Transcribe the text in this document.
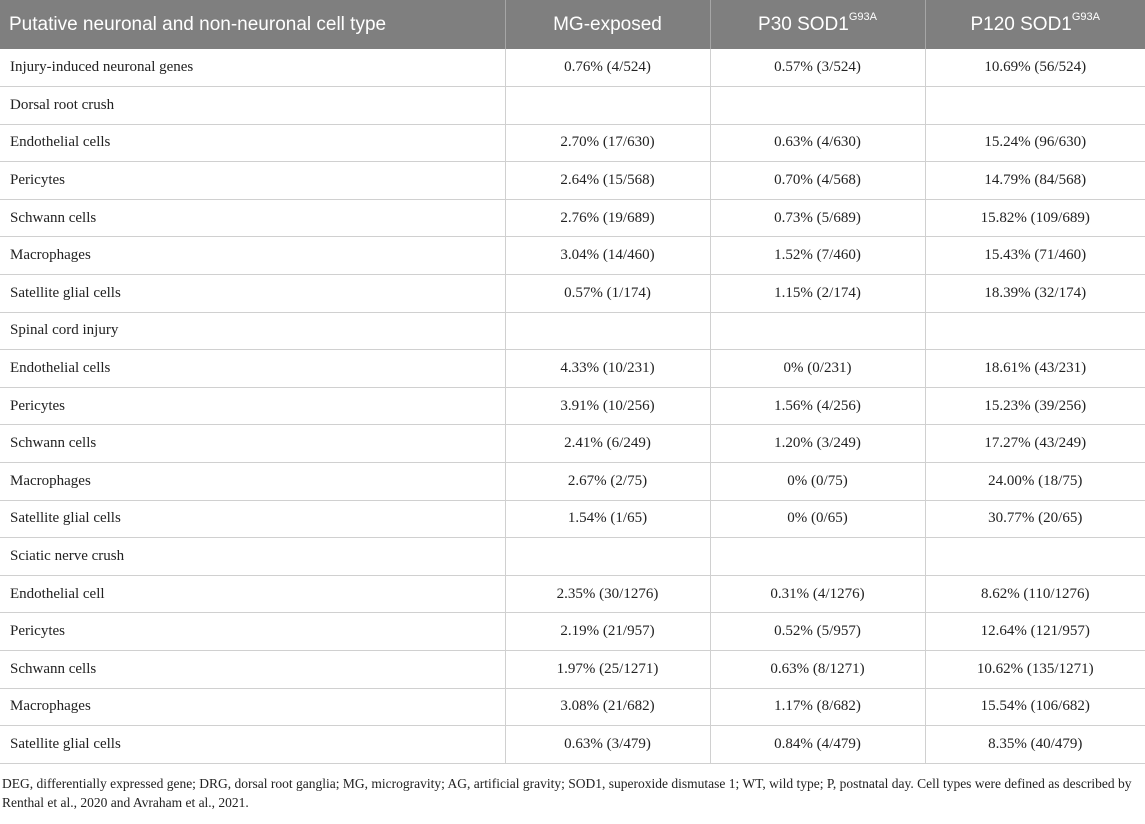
Putative neuronal and non-neuronal cell type	MG-exposed	P30 $SOD1^{G93A}$	P120 $SOD1^{G93A}$
Injury-induced neuronal genes	0.76% (4/524)	0.57% (3/524)	10.69% (56/524)
Dorsal root crush			
Endothelial cells	2.70% (17/630)	0.63% (4/630)	15.24% (96/630)
Pericytes	2.64% (15/568)	0.70% (4/568)	14.79% (84/568)
Schwann cells	2.76% (19/689)	0.73% (5/689)	15.82% (109/689)
Macrophages	3.04% (14/460)	1.52% (7/460)	15.43% (71/460)
Satellite glial cells	0.57% (1/174)	1.15% (2/174)	18.39% (32/174)
Spinal cord injury			
Endothelial cells	4.33% (10/231)	0% (0/231)	18.61% (43/231)
Pericytes	3.91% (10/256)	1.56% (4/256)	15.23% (39/256)
Schwann cells	2.41% (6/249)	1.20% (3/249)	17.27% (43/249)
Macrophages	2.67% (2/75)	0% (0/75)	24.00% (18/75)
Satellite glial cells	1.54% (1/65)	0% (0/65)	30.77% (20/65)
Sciatic nerve crush			
Endothelial cell	2.35% (30/1276)	0.31% (4/1276)	8.62% (110/1276)
Pericytes	2.19% (21/957)	0.52% (5/957)	12.64% (121/957)
Schwann cells	1.97% (25/1271)	0.63% (8/1271)	10.62% (135/1271)
Macrophages	3.08% (21/682)	1.17% (8/682)	15.54% (106/682)
Satellite glial cells	0.63% (3/479)	0.84% (4/479)	8.35% (40/479)
DEG, differentially expressed gene; DRG, dorsal root ganglia; MG, microgravity; AG, artificial gravity; SOD1, superoxide dismutase 1; WT, wild type; P, postnatal day. Cell types were defined as described by Renthal et al., 2020 and Avraham et al., 2021.
